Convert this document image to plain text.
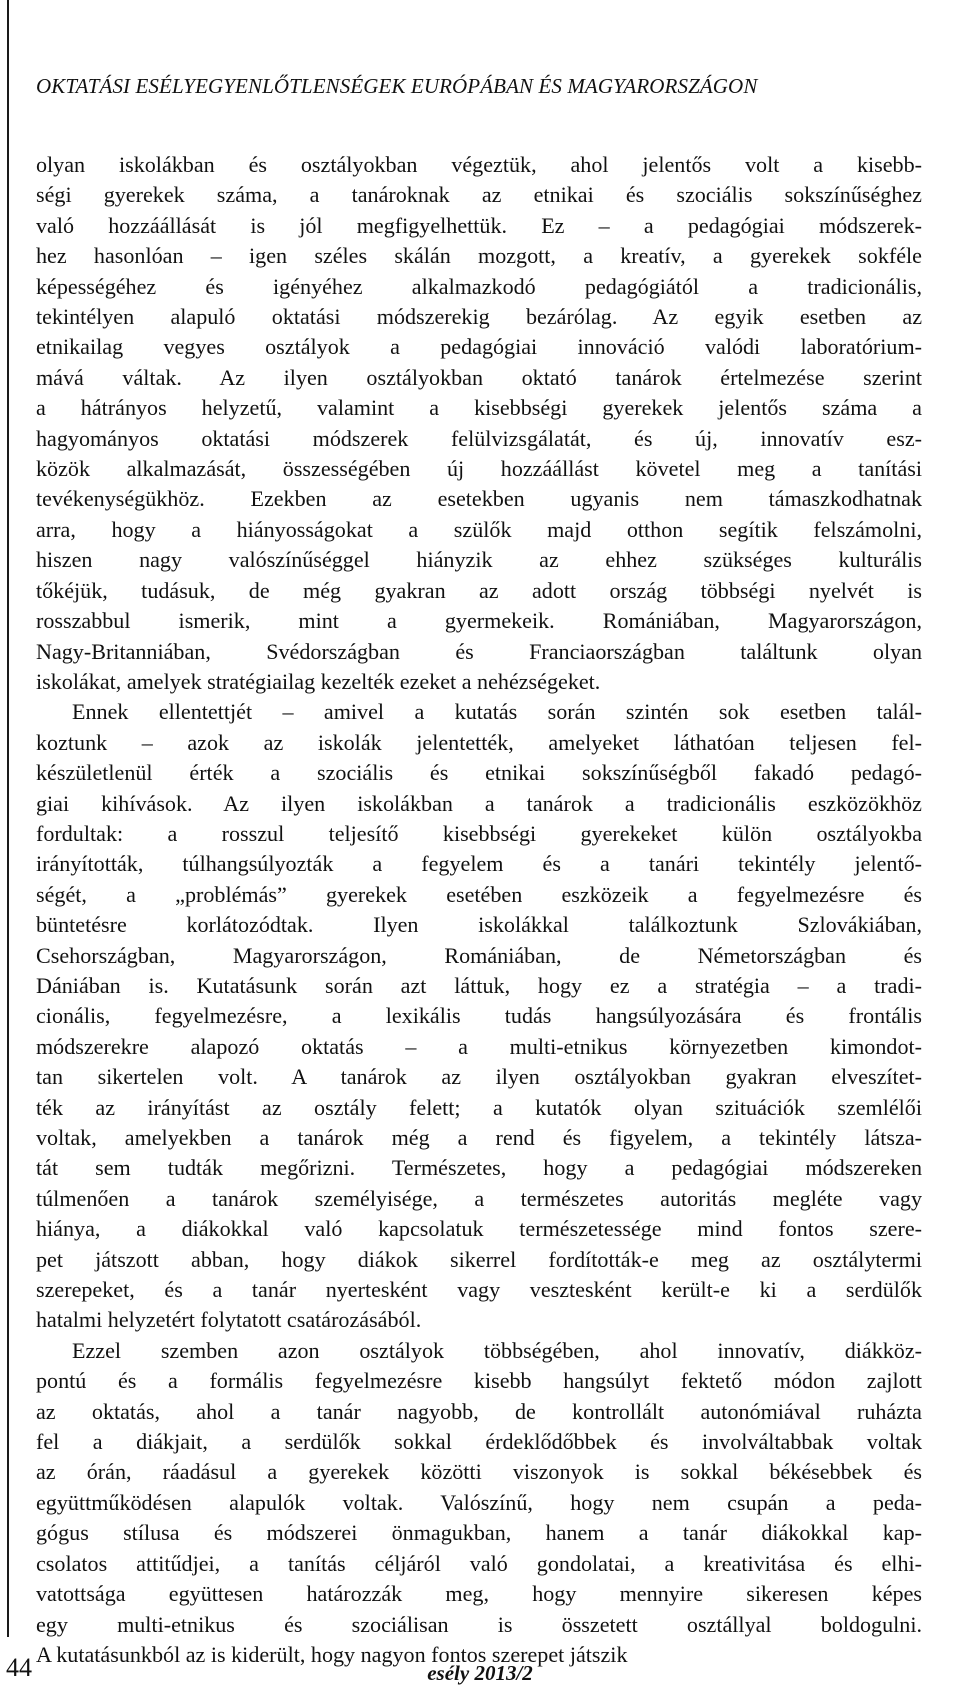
OKTATÁSI ESÉLYEGYENLŐTLENSÉGEK EURÓPÁBAN ÉS MAGYARORSZÁGON
olyan iskolákban és osztályokban végeztük, ahol jelentős volt a kisebb-
ségi gyerekek száma, a tanároknak az etnikai és szociális sokszínűséghez
való hozzáállását is jól megfigyelhettük. Ez – a pedagógiai módszerek-
hez hasonlóan – igen széles skálán mozgott, a kreatív, a gyerekek sokféle
képességéhez és igényéhez alkalmazkodó pedagógiától a tradicionális,
tekintélyen alapuló oktatási módszerekig bezárólag. Az egyik esetben az
etnikailag vegyes osztályok a pedagógiai innováció valódi laboratórium-
mává váltak. Az ilyen osztályokban oktató tanárok értelmezése szerint
a hátrányos helyzetű, valamint a kisebbségi gyerekek jelentős száma a
hagyományos oktatási módszerek felülvizsgálatát, és új, innovatív esz-
közök alkalmazását, összességében új hozzáállást követel meg a tanítási
tevékenységükhöz. Ezekben az esetekben ugyanis nem támaszkodhatnak
arra, hogy a hiányosságokat a szülők majd otthon segítik felszámolni,
hiszen nagy valószínűséggel hiányzik az ehhez szükséges kulturális
tőkéjük, tudásuk, de még gyakran az adott ország többségi nyelvét is
rosszabbul ismerik, mint a gyermekeik. Romániában, Magyarországon,
Nagy-Britanniában, Svédországban és Franciaországban találtunk olyan
iskolákat, amelyek stratégiailag kezelték ezeket a nehézségeket.
Ennek ellentettjét – amivel a kutatás során szintén sok esetben talál-
koztunk – azok az iskolák jelentették, amelyeket láthatóan teljesen fel-
készületlenül érték a szociális és etnikai sokszínűségből fakadó pedagó-
giai kihívások. Az ilyen iskolákban a tanárok a tradicionális eszközökhöz
fordultak: a rosszul teljesítő kisebbségi gyerekeket külön osztályokba
irányították, túlhangsúlyozták a fegyelem és a tanári tekintély jelentő-
ségét, a „problémás” gyerekek esetében eszközeik a fegyelmezésre és
büntetésre korlátozódtak. Ilyen iskolákkal találkoztunk Szlovákiában,
Csehországban, Magyarországon, Romániában, de Németországban és
Dániában is. Kutatásunk során azt láttuk, hogy ez a stratégia – a tradi-
cionális, fegyelmezésre, a lexikális tudás hangsúlyozására és frontális
módszerekre alapozó oktatás – a multi-etnikus környezetben kimondot-
tan sikertelen volt. A tanárok az ilyen osztályokban gyakran elveszítet-
ték az irányítást az osztály felett; a kutatók olyan szituációk szemlélői
voltak, amelyekben a tanárok még a rend és figyelem, a tekintély látsza-
tát sem tudták megőrizni. Természetes, hogy a pedagógiai módszereken
túlmenően a tanárok személyisége, a természetes autoritás megléte vagy
hiánya, a diákokkal való kapcsolatuk természetessége mind fontos szere-
pet játszott abban, hogy diákok sikerrel fordították-e meg az osztálytermi
szerepeket, és a tanár nyertesként vagy vesztesként került-e ki a serdülők
hatalmi helyzetért folytatott csatározásából.
Ezzel szemben azon osztályok többségében, ahol innovatív, diákköz-
pontú és a formális fegyelmezésre kisebb hangsúlyt fektető módon zajlott
az oktatás, ahol a tanár nagyobb, de kontrollált autonómiával ruházta
fel a diákjait, a serdülők sokkal érdeklődőbbek és involváltabbak voltak
az órán, ráadásul a gyerekek közötti viszonyok is sokkal békésebbek és
együttműködésen alapulók voltak. Valószínű, hogy nem csupán a peda-
gógus stílusa és módszerei önmagukban, hanem a tanár diákokkal kap-
csolatos attitűdjei, a tanítás céljáról való gondolatai, a kreativitása és elhi-
vatottsága együttesen határozzák meg, hogy mennyire sikeresen képes
egy multi-etnikus és szociálisan is összetett osztállyal boldogulni.
A kutatásunkból az is kiderült, hogy nagyon fontos szerepet játszik
44	esély 2013/2
